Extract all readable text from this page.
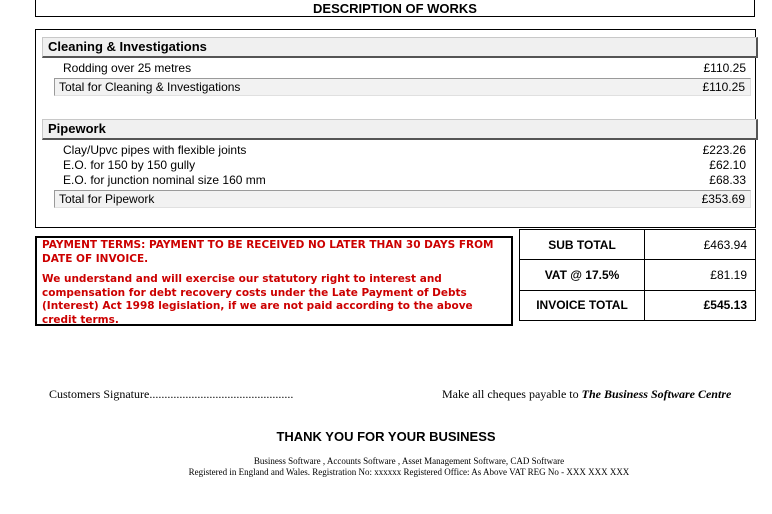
DESCRIPTION OF WORKS
Cleaning & Investigations
Rodding over 25 metres	£110.25
Total for Cleaning & Investigations	£110.25
Pipework
Clay/Upvc pipes with flexible joints	£223.26
E.O. for 150 by 150 gully	£62.10
E.O. for junction nominal size 160 mm	£68.33
Total for Pipework	£353.69

PAYMENT TERMS: PAYMENT TO BE RECEIVED NO LATER THAN 30 DAYS FROM DATE OF INVOICE.

We understand and will exercise our statutory right to interest and compensation for debt recovery costs under the Late Payment of Debts (Interest) Act 1998 legislation, if we are not paid according to the above credit terms.

SUB TOTAL	£463.94
VAT @ 17.5%	£81.19
INVOICE TOTAL	£545.13
Customers Signature................................................	Make all cheques payable to The Business Software Centre
THANK YOU FOR YOUR BUSINESS
Business Software , Accounts Software , Asset Management Software, CAD Software
Registered in England and Wales. Registration No: xxxxxx Registered Office: As Above VAT REG No - XXX XXX XXX
